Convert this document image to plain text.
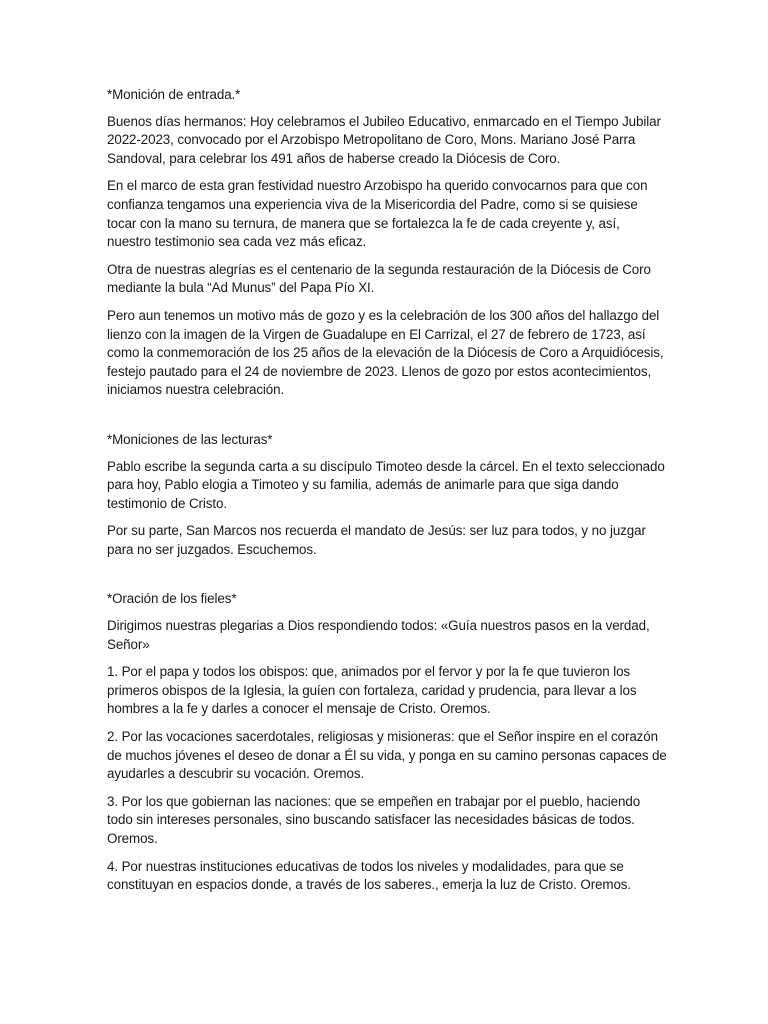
*Monición de entrada.*

Buenos días hermanos: Hoy celebramos el Jubileo Educativo, enmarcado en el Tiempo Jubilar 2022-2023, convocado por el Arzobispo Metropolitano de Coro, Mons. Mariano José Parra Sandoval, para celebrar los 491 años de haberse creado la Diócesis de Coro.

En el marco de esta gran festividad nuestro Arzobispo ha querido convocarnos para que con confianza tengamos una experiencia viva de la Misericordia del Padre, como si se quisiese tocar con la mano su ternura, de manera que se fortalezca la fe de cada creyente y, así, nuestro testimonio sea cada vez más eficaz.

Otra de nuestras alegrías es el centenario de la segunda restauración de la Diócesis de Coro mediante la bula “Ad Munus” del Papa Pío XI.

Pero aun tenemos un motivo más de gozo y es la celebración de los 300 años del hallazgo del lienzo con la imagen de la Virgen de Guadalupe en El Carrizal, el 27 de febrero de 1723, así como la conmemoración de los 25 años de la elevación de la Diócesis de Coro a Arquidiócesis, festejo pautado para el 24 de noviembre de 2023. Llenos de gozo por estos acontecimientos, iniciamos nuestra celebración.

*Moniciones de las lecturas*

Pablo escribe la segunda carta a su discípulo Timoteo desde la cárcel. En el texto seleccionado para hoy, Pablo elogia a Timoteo y su familia, además de animarle para que siga dando testimonio de Cristo.

Por su parte, San Marcos nos recuerda el mandato de Jesús: ser luz para todos, y no juzgar para no ser juzgados. Escuchemos.

*Oración de los fieles*

Dirigimos nuestras plegarias a Dios respondiendo todos: «Guía nuestros pasos en la verdad, Señor»

1. Por el papa y todos los obispos: que, animados por el fervor y por la fe que tuvieron los primeros obispos de la Iglesia, la guíen con fortaleza, caridad y prudencia, para llevar a los hombres a la fe y darles a conocer el mensaje de Cristo. Oremos.

2. Por las vocaciones sacerdotales, religiosas y misioneras: que el Señor inspire en el corazón de muchos jóvenes el deseo de donar a Él su vida, y ponga en su camino personas capaces de ayudarles a descubrir su vocación. Oremos.

3. Por los que gobiernan las naciones: que se empeñen en trabajar por el pueblo, haciendo todo sin intereses personales, sino buscando satisfacer las necesidades básicas de todos. Oremos.

4. Por nuestras instituciones educativas de todos los niveles y modalidades, para que se constituyan en espacios donde, a través de los saberes., emerja la luz de Cristo. Oremos.
